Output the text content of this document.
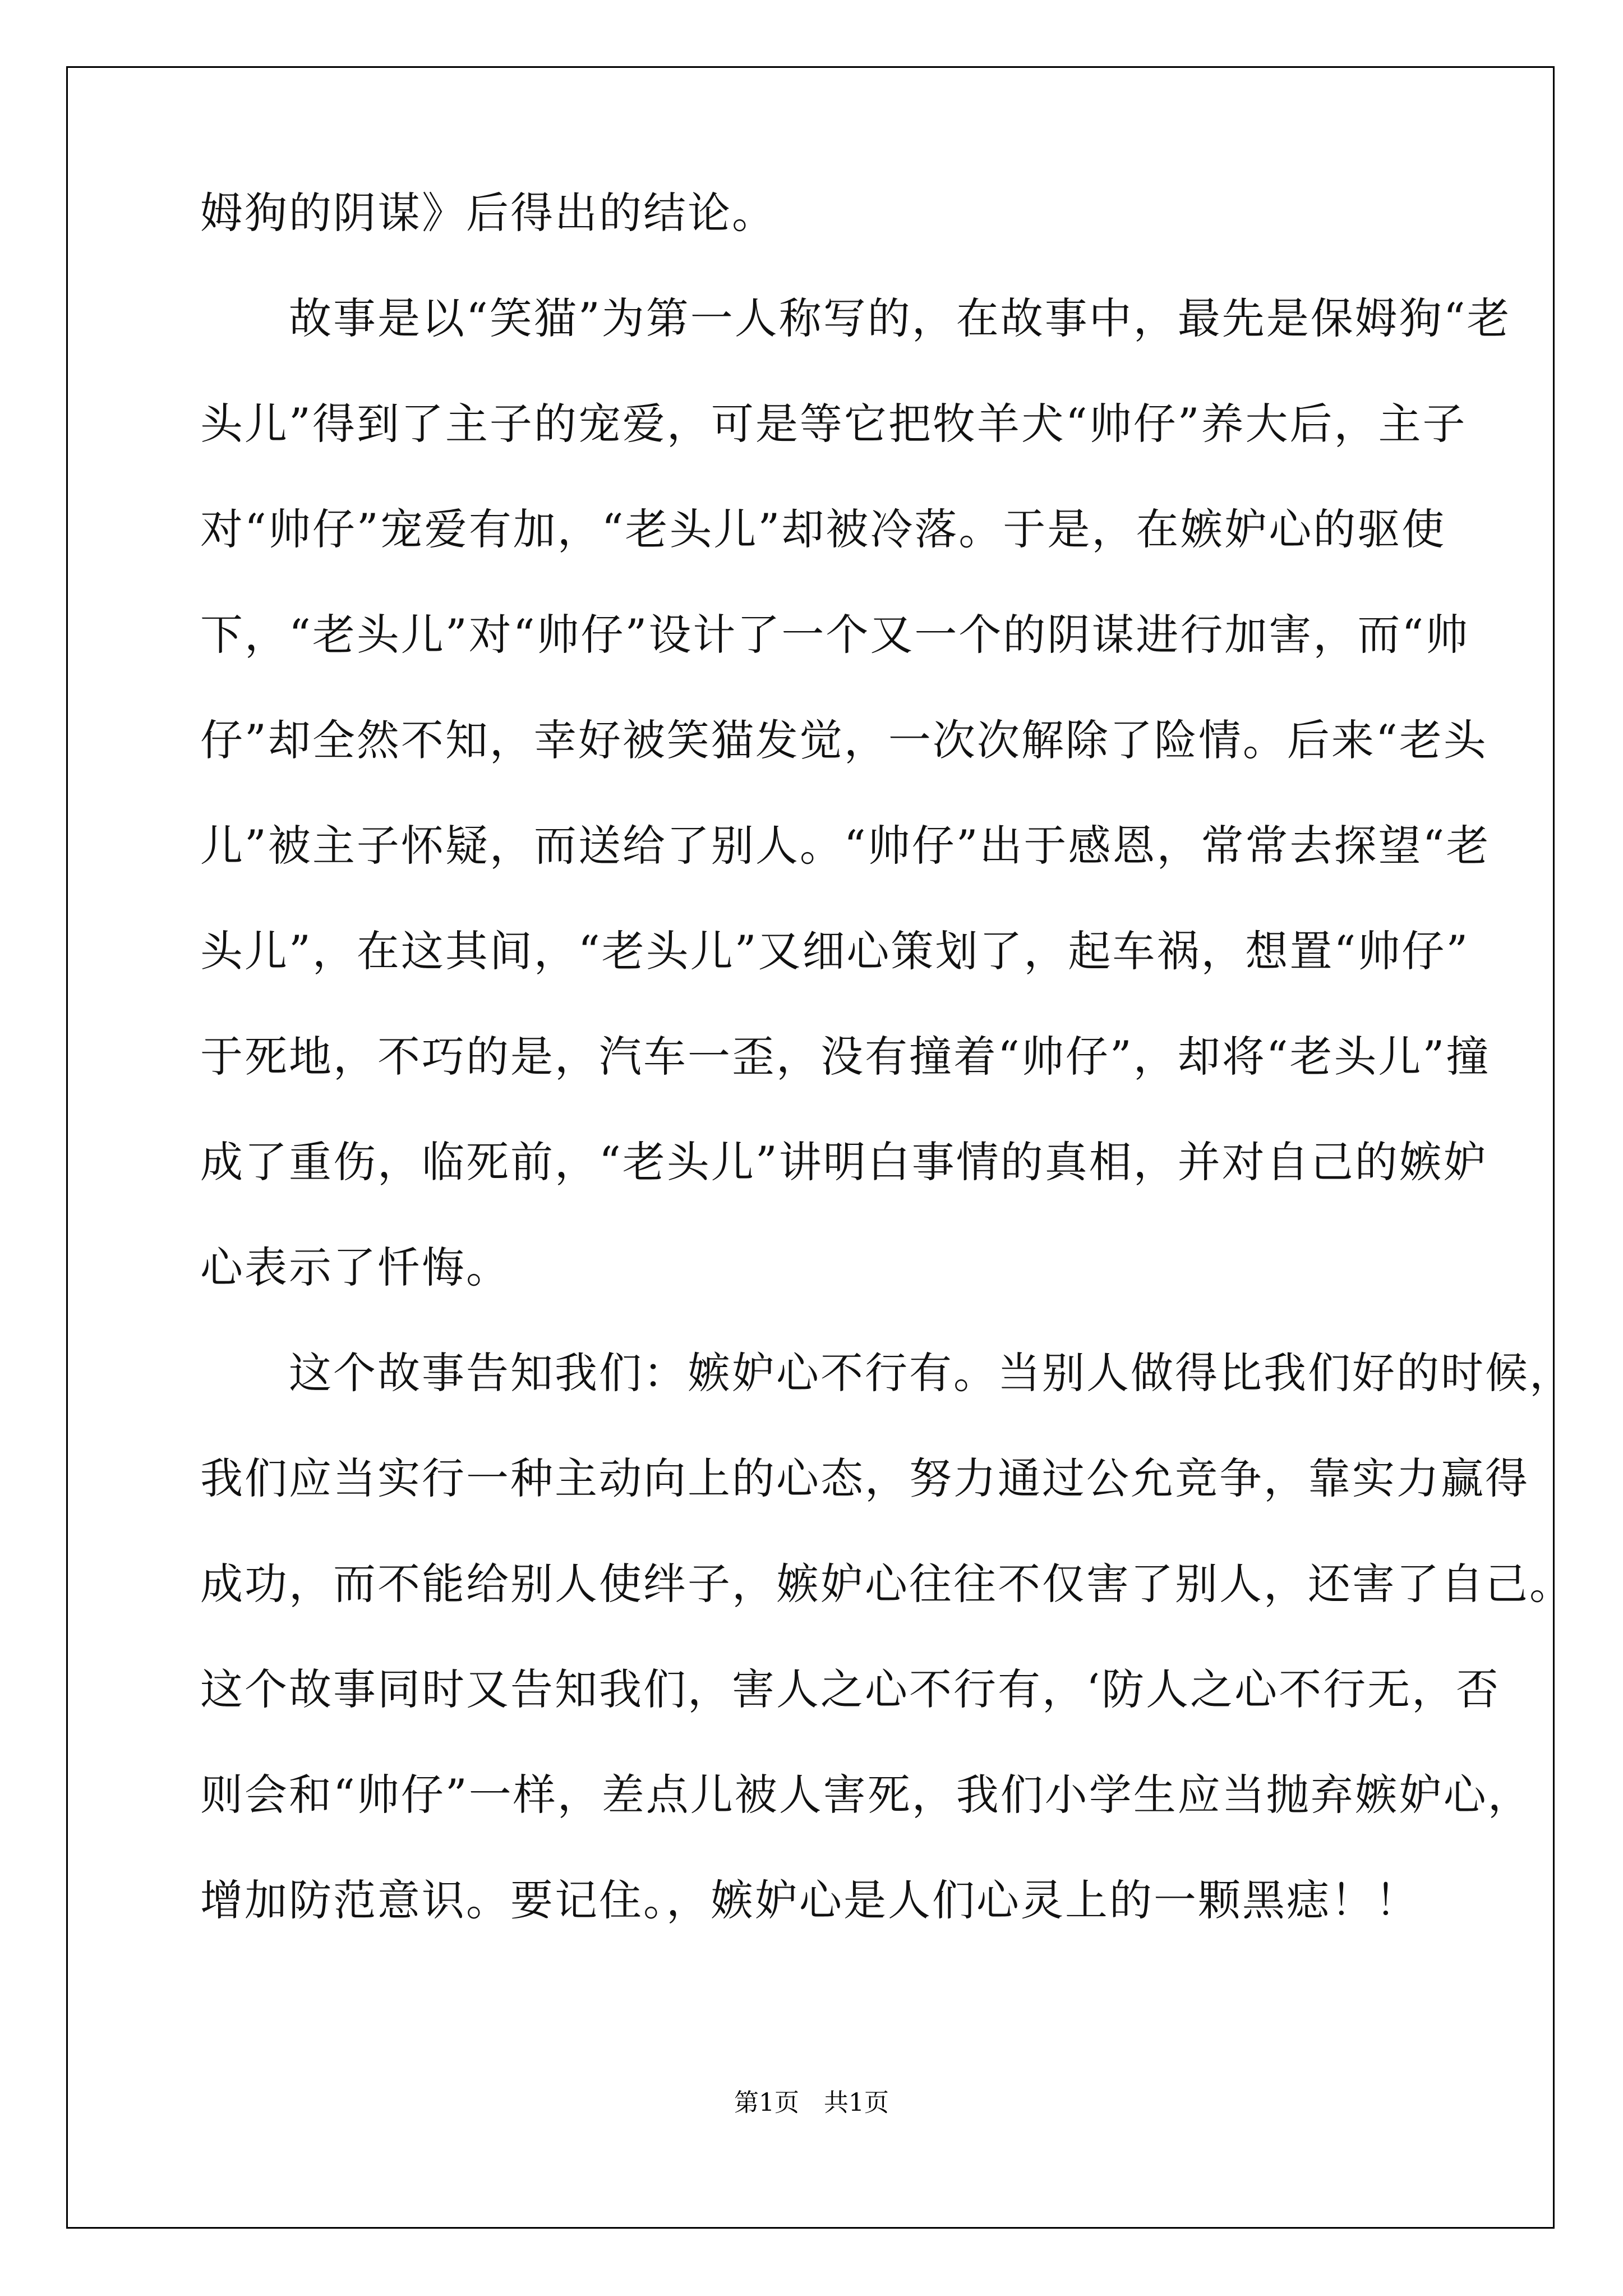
姆狗的阴谋》后得出的结论。
　　故事是以“笑猫”为第一人称写的，在故事中，最先是保姆狗“老
头儿”得到了主子的宠爱，可是等它把牧羊犬“帅仔”养大后，主子
对“帅仔”宠爱有加，“老头儿”却被冷落。于是，在嫉妒心的驱使
下，“老头儿”对“帅仔”设计了一个又一个的阴谋进行加害，而“帅
仔”却全然不知，幸好被笑猫发觉，一次次解除了险情。后来“老头
儿”被主子怀疑，而送给了别人。“帅仔”出于感恩，常常去探望“老
头儿”，在这其间，“老头儿”又细心策划了，起车祸，想置“帅仔”
于死地，不巧的是，汽车一歪，没有撞着“帅仔”，却将“老头儿”撞
成了重伤，临死前，“老头儿”讲明白事情的真相，并对自己的嫉妒
心表示了忏悔。
　　这个故事告知我们：嫉妒心不行有。当别人做得比我们好的时候，
我们应当实行一种主动向上的心态，努力通过公允竞争，靠实力赢得
成功，而不能给别人使绊子，嫉妒心往往不仅害了别人，还害了自己。
这个故事同时又告知我们，害人之心不行有，‘防人之心不行无，否
则会和“帅仔”一样，差点儿被人害死，我们小学生应当抛弃嫉妒心，
增加防范意识。要记住。，嫉妒心是人们心灵上的一颗黑痣！！
第1页　共1页
